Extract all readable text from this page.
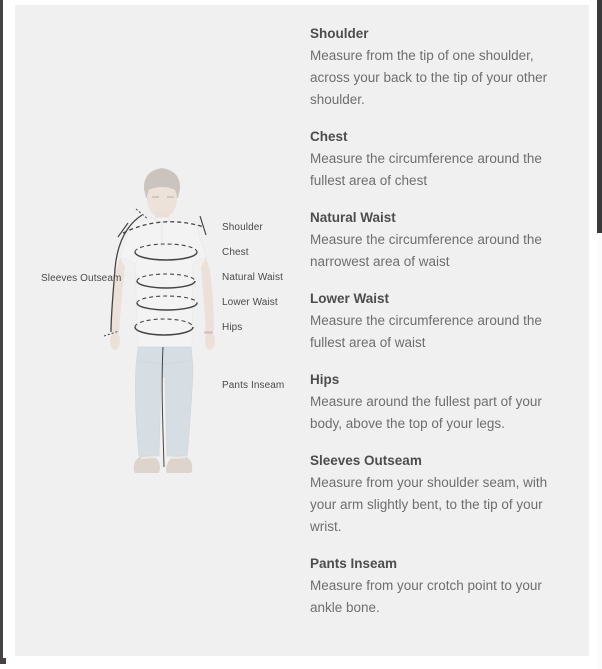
Shoulder
Chest
Natural Waist
Lower Waist
Hips
Sleeves Outseam
Pants Inseam
Shoulder

Measure from the tip of one shoulder,

across your back to the tip of your other

shoulder.

Chest

Measure the circumference around the

fullest area of chest

Natural Waist

Measure the circumference around the

narrowest area of waist

Lower Waist

Measure the circumference around the

fullest area of waist

Hips

Measure around the fullest part of your

body, above the top of your legs.

Sleeves Outseam

Measure from your shoulder seam, with

your arm slightly bent, to the tip of your

wrist.

Pants Inseam

Measure from your crotch point to your

ankle bone.
